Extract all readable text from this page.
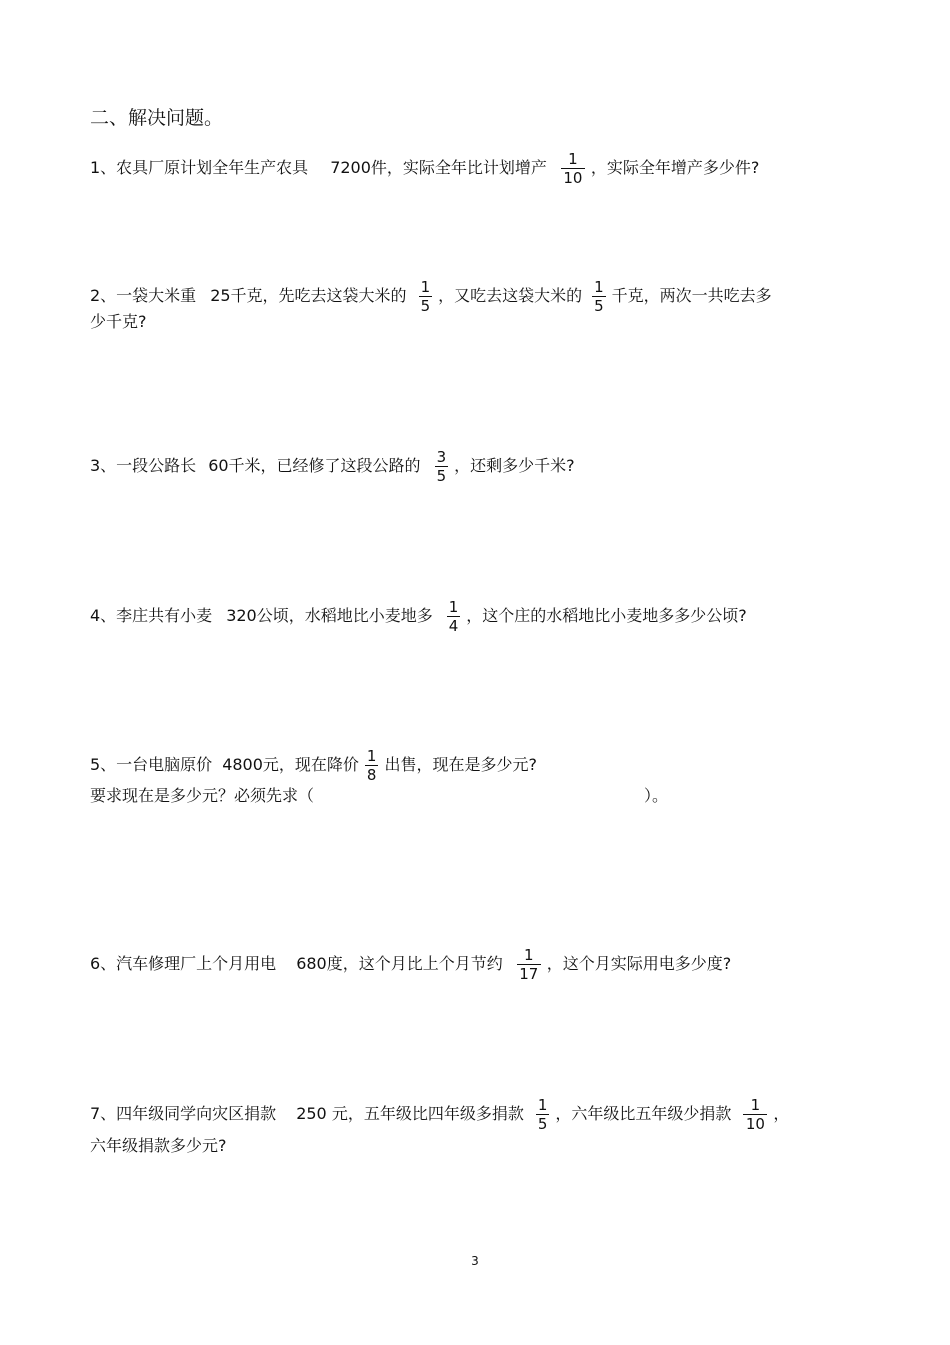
二、解决问题。
1、农具厂原计划全年生产农具 7200件，实际全年比计划增产 $\frac{1}{10}$ ，实际全年增产多少件?
2、一袋大米重 25千克，先吃去这袋大米的 $\frac{1}{5}$ ，又吃去这袋大米的 $\frac{1}{5}$ 千克，两次一共吃去多
少千克?
3、一段公路长 60千米，已经修了这段公路的 $\frac{3}{5}$ ，还剩多少千米?
4、李庄共有小麦 320公顷，水稻地比小麦地多 $\frac{1}{4}$ ，这个庄的水稻地比小麦地多多少公顷?
5、一台电脑原价 4800元，现在降价 $\frac{1}{8}$ 出售，现在是多少元?
要求现在是多少元？必须先求（	）。
6、汽车修理厂上个月用电 680度，这个月比上个月节约 $\frac{1}{17}$ ，这个月实际用电多少度?
7、四年级同学向灾区捐款 250 元，五年级比四年级多捐款 $\frac{1}{5}$ ，六年级比五年级少捐款 $\frac{1}{10}$ ，
六年级捐款多少元?
3
